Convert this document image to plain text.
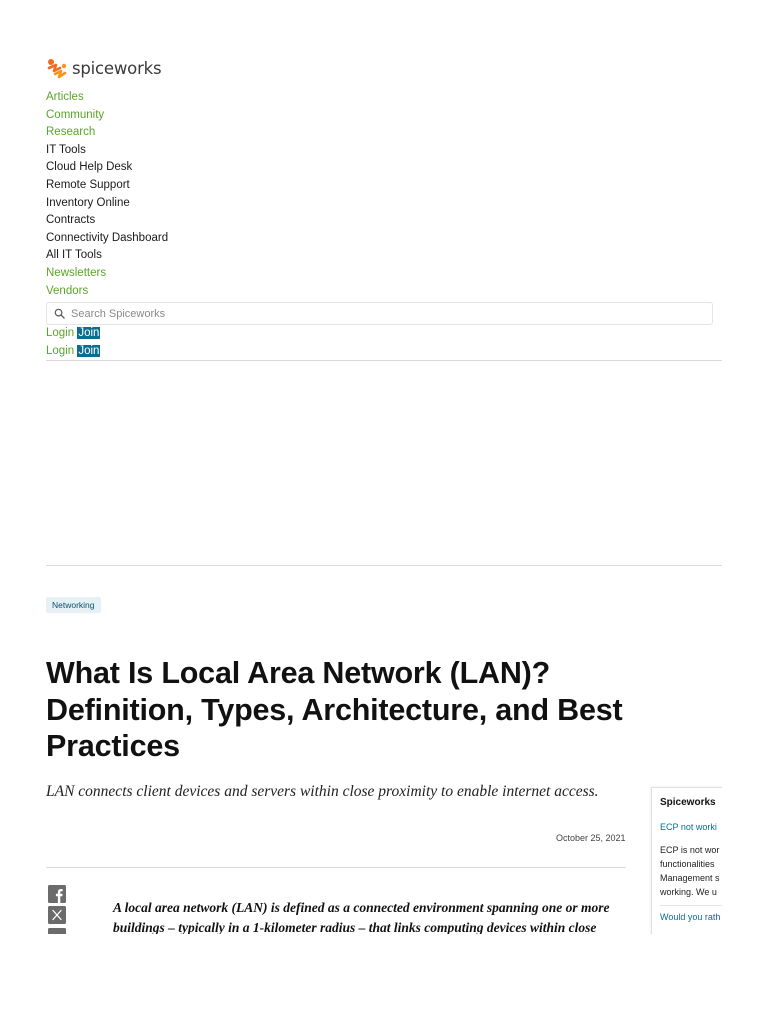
spiceworks
Articles
Community
Research
IT Tools
Cloud Help Desk
Remote Support
Inventory Online
Contracts
Connectivity Dashboard
All IT Tools
Newsletters
Vendors
Search Spiceworks
Login Join
Login Join
Networking
What Is Local Area Network (LAN)? Definition, Types, Architecture, and Best Practices

LAN connects client devices and servers within close proximity to enable internet access.

October 25, 2021

A local area network (LAN) is defined as a connected environment spanning one or more buildings – typically in a 1-kilometer radius – that links computing devices within close

Spiceworks
ECP not worki
ECP is not wor
functionalities
Management s
working. We u
Would you rath
